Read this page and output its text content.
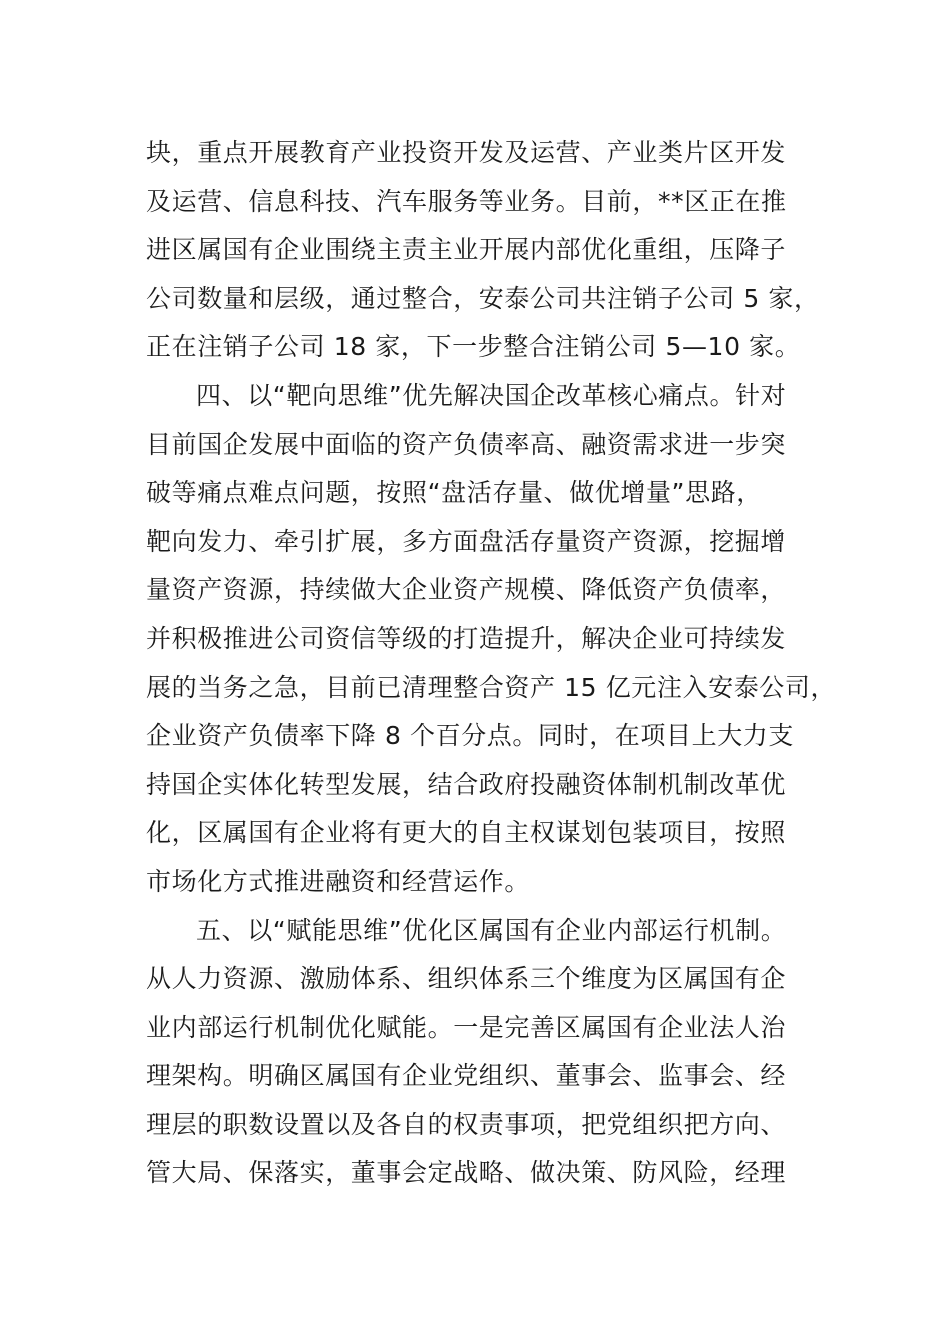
块，重点开展教育产业投资开发及运营、产业类片区开发
及运营、信息科技、汽车服务等业务。目前，**区正在推
进区属国有企业围绕主责主业开展内部优化重组，压降子
公司数量和层级，通过整合，安泰公司共注销子公司 5 家，
正在注销子公司 18 家，下一步整合注销公司 5—10 家。
四、以“靶向思维”优先解决国企改革核心痛点。针对
目前国企发展中面临的资产负债率高、融资需求进一步突
破等痛点难点问题，按照“盘活存量、做优增量”思路，
靶向发力、牵引扩展，多方面盘活存量资产资源，挖掘增
量资产资源，持续做大企业资产规模、降低资产负债率，
并积极推进公司资信等级的打造提升，解决企业可持续发
展的当务之急，目前已清理整合资产 15 亿元注入安泰公司，
企业资产负债率下降 8 个百分点。同时，在项目上大力支
持国企实体化转型发展，结合政府投融资体制机制改革优
化，区属国有企业将有更大的自主权谋划包装项目，按照
市场化方式推进融资和经营运作。
五、以“赋能思维”优化区属国有企业内部运行机制。
从人力资源、激励体系、组织体系三个维度为区属国有企
业内部运行机制优化赋能。一是完善区属国有企业法人治
理架构。明确区属国有企业党组织、董事会、监事会、经
理层的职数设置以及各自的权责事项，把党组织把方向、
管大局、保落实，董事会定战略、做决策、防风险，经理
